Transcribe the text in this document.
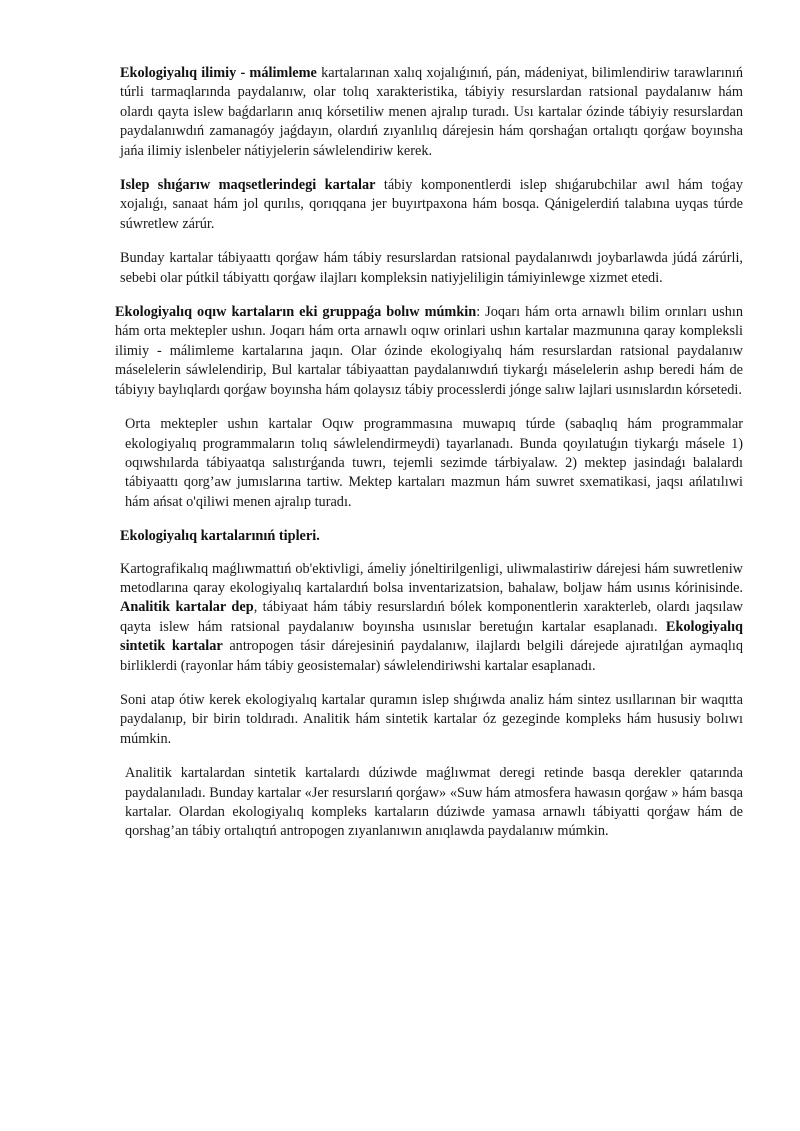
Ekologiyalıq ilimiy - málimleme kartalarınan xalıq xojalıǵınıń, pán, mádeniyat, bilimlendiriw tarawlarınıń túrli tarmaqlarında paydalanıw, olar tolıq xarakteristika, tábiyiy resurslardan ratsional paydalanıw hám olardı qayta islew baǵdarların anıq kórsetiliw menen ajralıp turadı. Usı kartalar ózinde tábiyiy resurslardan paydalanıwdıń zamanagóy jaǵdayın, olardıń zıyanlılıq dárejesin hám qorshaǵan ortalıqtı qorǵaw boyınsha jańa ilimiy islenbeler nátiyjelerin sáwlelendiriw kerek.

Islep shıǵarıw maqsetlerindegi kartalar tábiy komponentlerdi islep shıǵarubchilar awıl hám toǵay xojalıǵı, sanaat hám jol qurılıs, qorıqqana jer buyırtpaxona hám bosqa. Qánigelerdiń talabına uyqas túrde súwretlew zárúr.

Bunday kartalar tábiyaattı qorǵaw hám tábiy resurslardan ratsional paydalanıwdı joybarlawda júdá zárúrli, sebebi olar pútkil tábiyattı qorǵaw ilajları kompleksin natiyjeliligin támiyinlewge xizmet etedi.

Ekologiyalıq oqıw kartaların eki gruppaǵa bolıw múmkin: Joqarı hám orta arnawlı bilim orınları ushın hám orta mektepler ushın. Joqarı hám orta arnawlı oqıw orinlari ushın kartalar mazmunına qaray kompleksli ilimiy - málimleme kartalarına jaqın. Olar ózinde ekologiyalıq hám resurslardan ratsional paydalanıw máselelerin sáwlelendirip, Bul kartalar tábiyaattan paydalanıwdıń tiykarǵı máselelerin ashıp beredi hám de tábiyıy baylıqlardı qorǵaw boyınsha hám qolaysız tábiy processlerdi jónge salıw lajlari usınıslardın kórsetedi.

Orta mektepler ushın kartalar Oqıw programmasına muwapıq túrde (sabaqlıq hám programmalar ekologiyalıq programmaların tolıq sáwlelendirmeydi) tayarlanadı. Bunda qoyılatuǵın tiykarǵı másele 1) oqıwshılarda tábiyaatqa salıstırǵanda tuwrı, tejemli sezimde tárbiyalaw. 2) mektep jasindaǵı balalardı tábiyaattı qorg’aw jumıslarına tartiw. Mektep kartaları mazmun hám suwret sxematikasi, jaqsı ańlatılıwi hám ańsat o'qiliwi menen ajralıp turadı.

Ekologiyalıq kartalarınıń tipleri.

Kartografikalıq maǵlıwmattıń ob'ektivligi, ámeliy jóneltirilgenligi, uliwmalastiriw dárejesi hám suwretleniw metodlarına qaray ekologiyalıq kartalardıń bolsa inventarizatsion, bahalaw, boljaw hám usınıs kórinisinde. Analitik kartalar dep, tábiyaat hám tábiy resurslardıń bólek komponentlerin xarakterleb, olardı jaqsılaw qayta islew hám ratsional paydalanıw boyınsha usınıslar beretuǵın kartalar esaplanadı. Ekologiyalıq sintetik kartalar antropogen tásir dárejesiniń paydalanıw, ilajlardı belgili dárejede ajıratılǵan aymaqlıq birliklerdi (rayonlar hám tábiy geosistemalar) sáwlelendiriwshi kartalar esaplanadı.

Soni atap ótiw kerek ekologiyalıq kartalar quramın islep shıǵıwda analiz hám sintez usıllarınan bir waqıtta paydalanıp, bir birin toldıradı. Analitik hám sintetik kartalar óz gezeginde kompleks hám hususiy bolıwı múmkin.

Analitik kartalardan sintetik kartalardı dúziwde maǵlıwmat deregi retinde basqa derekler qatarında paydalanıladı. Bunday kartalar «Jer resurslarıń qorǵaw» «Suw hám atmosfera hawasın qorǵaw » hám basqa kartalar. Olardan ekologiyalıq kompleks kartaların dúziwde yamasa arnawlı tábiyatti qorǵaw hám de qorshag’an tábiy ortalıqtıń antropogen zıyanlanıwın anıqlawda paydalanıw múmkin.
